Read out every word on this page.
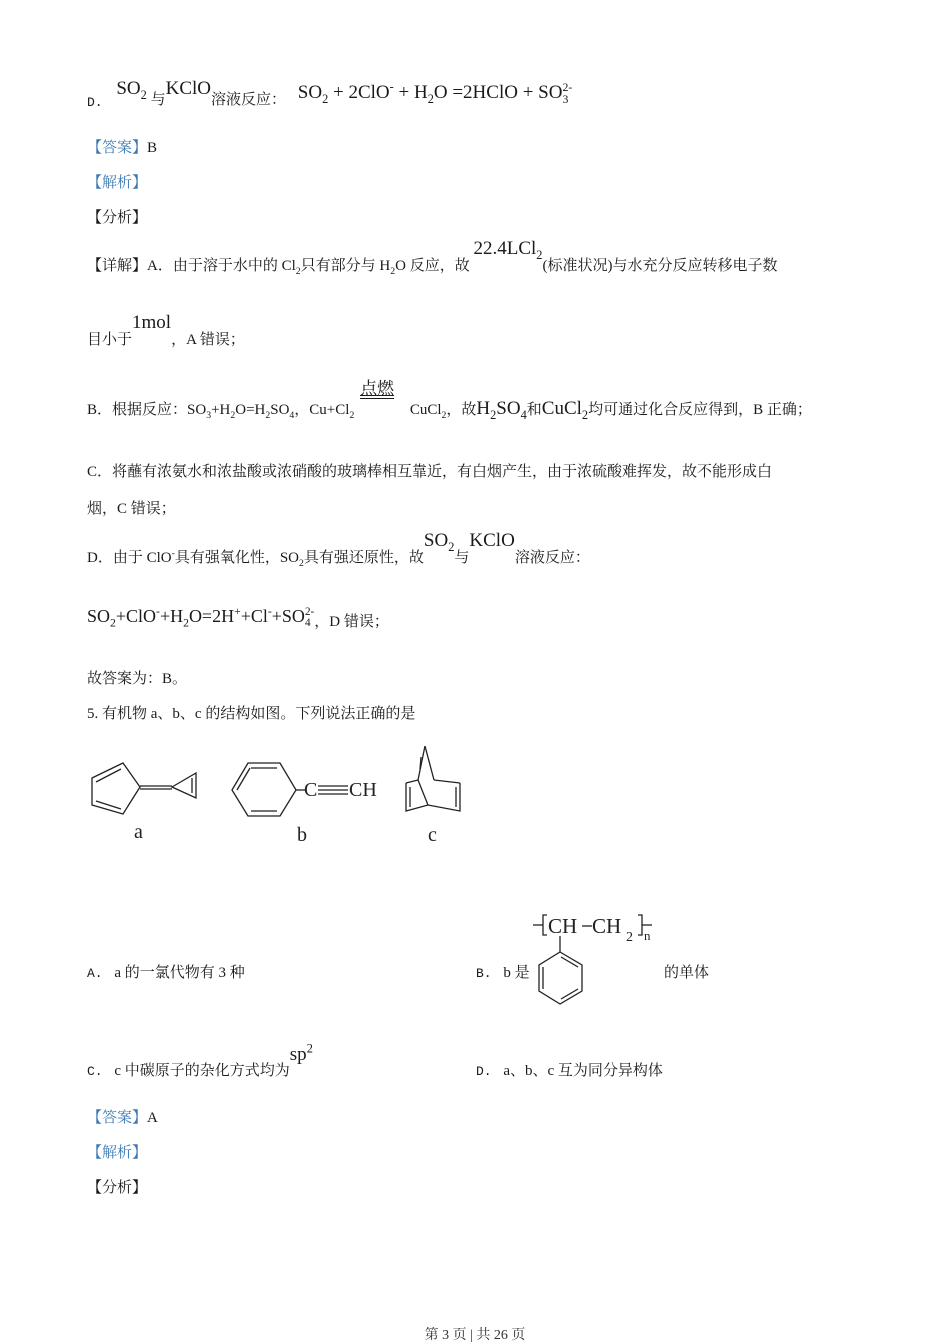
D. $SO_2$ 与KClO溶液反应： $SO_2 + 2ClO^- + H_2O$ =2HClO + SO 2-
3
【答案】B
【解析】
【分析】
【详解】A．由于溶于水中的 $Cl_2$只有部分与 $H_2O$ 反应，故 22.4LCl$_2$(标准状况)与水充分反应转移电子数
目小于1mol，A 错误；
B．根据反应：$SO_3+H_2O=H_2SO_4$，$Cu+Cl_2$
点燃
CuCl$_2$，故$H_2SO_4$和CuCl$_2$均可通过化合反应得到，B 正确；
C．将蘸有浓氨水和浓盐酸或浓硝酸的玻璃棒相互靠近，有白烟产生，由于浓硫酸难挥发，故不能形成白
烟，C 错误；
D．由于 ClO-具有强氧化性，$SO_2$具有强还原性，故$SO_2$与KClO溶液反应：
$SO_2+ClO^-+H_2O=2H^++Cl^-+SO$ 2-
4 ，D 错误；
故答案为：B。
5. 有机物 a、b、c 的结构如图。下列说法正确的是
C CH
a	b	c
A. a 的一氯代物有 3 种	B. b 是
CH CH 2 n
的单体
C. c 中碳原子的杂化方式均为$sp^2$
D. a、b、c 互为同分异构体
【答案】A
【解析】
【分析】
第 3 页 | 共 26 页
